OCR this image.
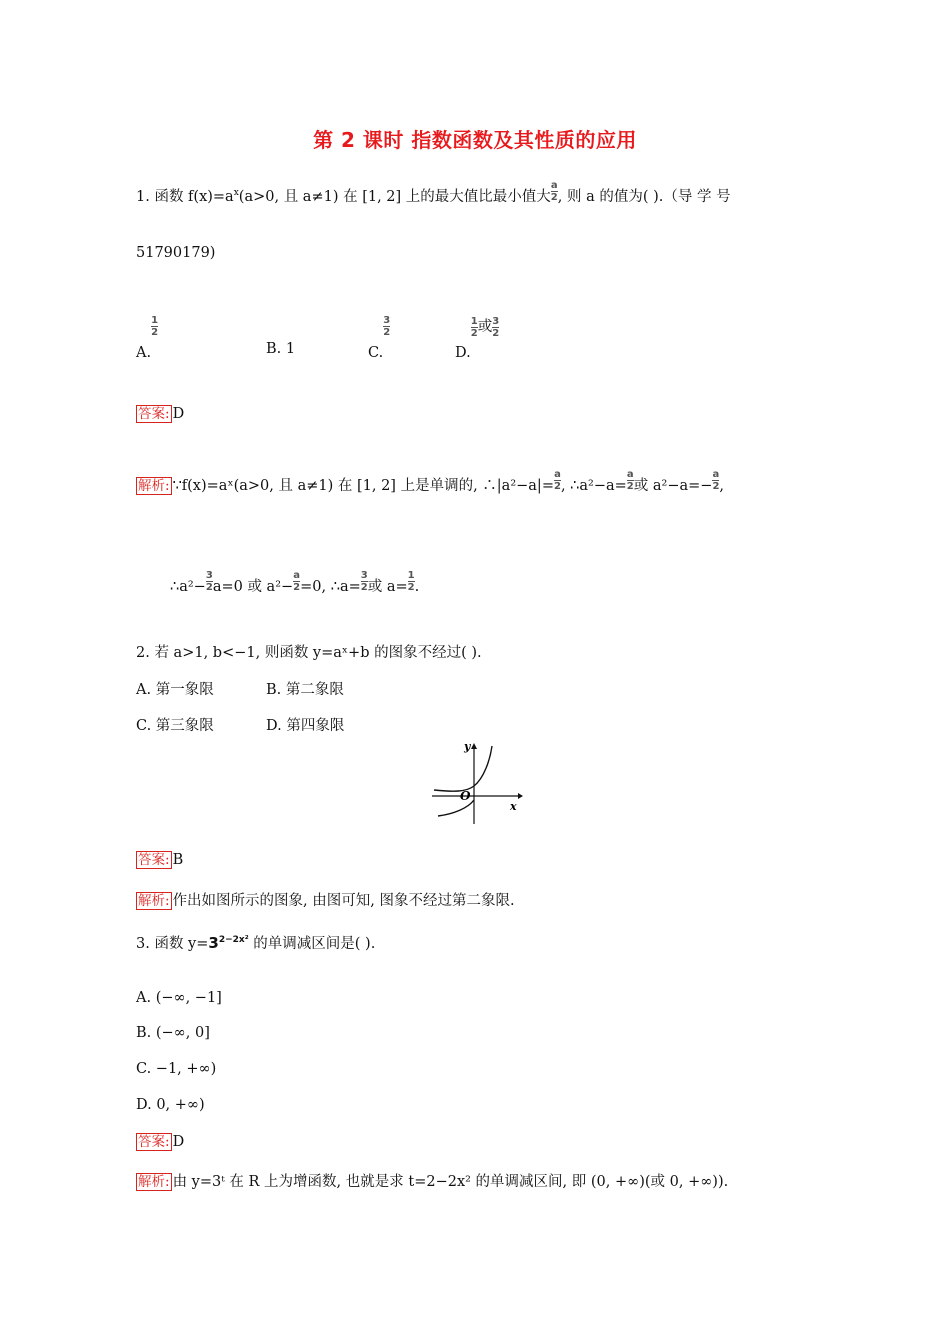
第 2 课时 指数函数及其性质的应用
1. 函数 $f(x)=a^x(a>0$, 且 a≠1) 在 [1, 2] 上的最大值比最小值大$\frac{a}{2}$ , 则 a 的值为( ).（导 学 号
51790179)
$A.\frac{1}{2}$
B. 1	$C.\frac{3}{2}$
$D.\frac{1}{2}$ 或$\frac{3}{2}$
答案: D
解析: ∵f(x)=aˣ(a>0, 且 a≠1) 在 [1, 2] 上是单调的, $\therefore|a^2-a|=\frac{a}{2}$ , $\therefore a^2-a=\frac{a}{2}$ 或 $a^2-a=-\frac{a}{2}$ ,
$\therefore a^2-\frac{3}{2} a=0$ 或 $a^2-\frac{a}{2} =0$, $\therefore a=\frac{3}{2}$ 或 $a=\frac{1}{2}$ .
2. 若 a>1, b<−1, 则函数 y=aˣ+b 的图象不经过( ).
A. 第一象限	B. 第二象限
C. 第三象限	D. 第四象限
y
x
O
答案: B
解析: 作出如图所示的图象, 由图可知, 图象不经过第二象限.
3. 函数 $y=3^{2-2x^2}$ 的单调减区间是( ).
A. (−∞, −1]
B. (−∞, 0]
C. −1, +∞)
D. 0, +∞)
答案: D
解析: 由 y=3ᵗ 在 R 上为增函数, 也就是求 t=2−2x² 的单调减区间, 即 (0, +∞)(或 0, +∞)).
